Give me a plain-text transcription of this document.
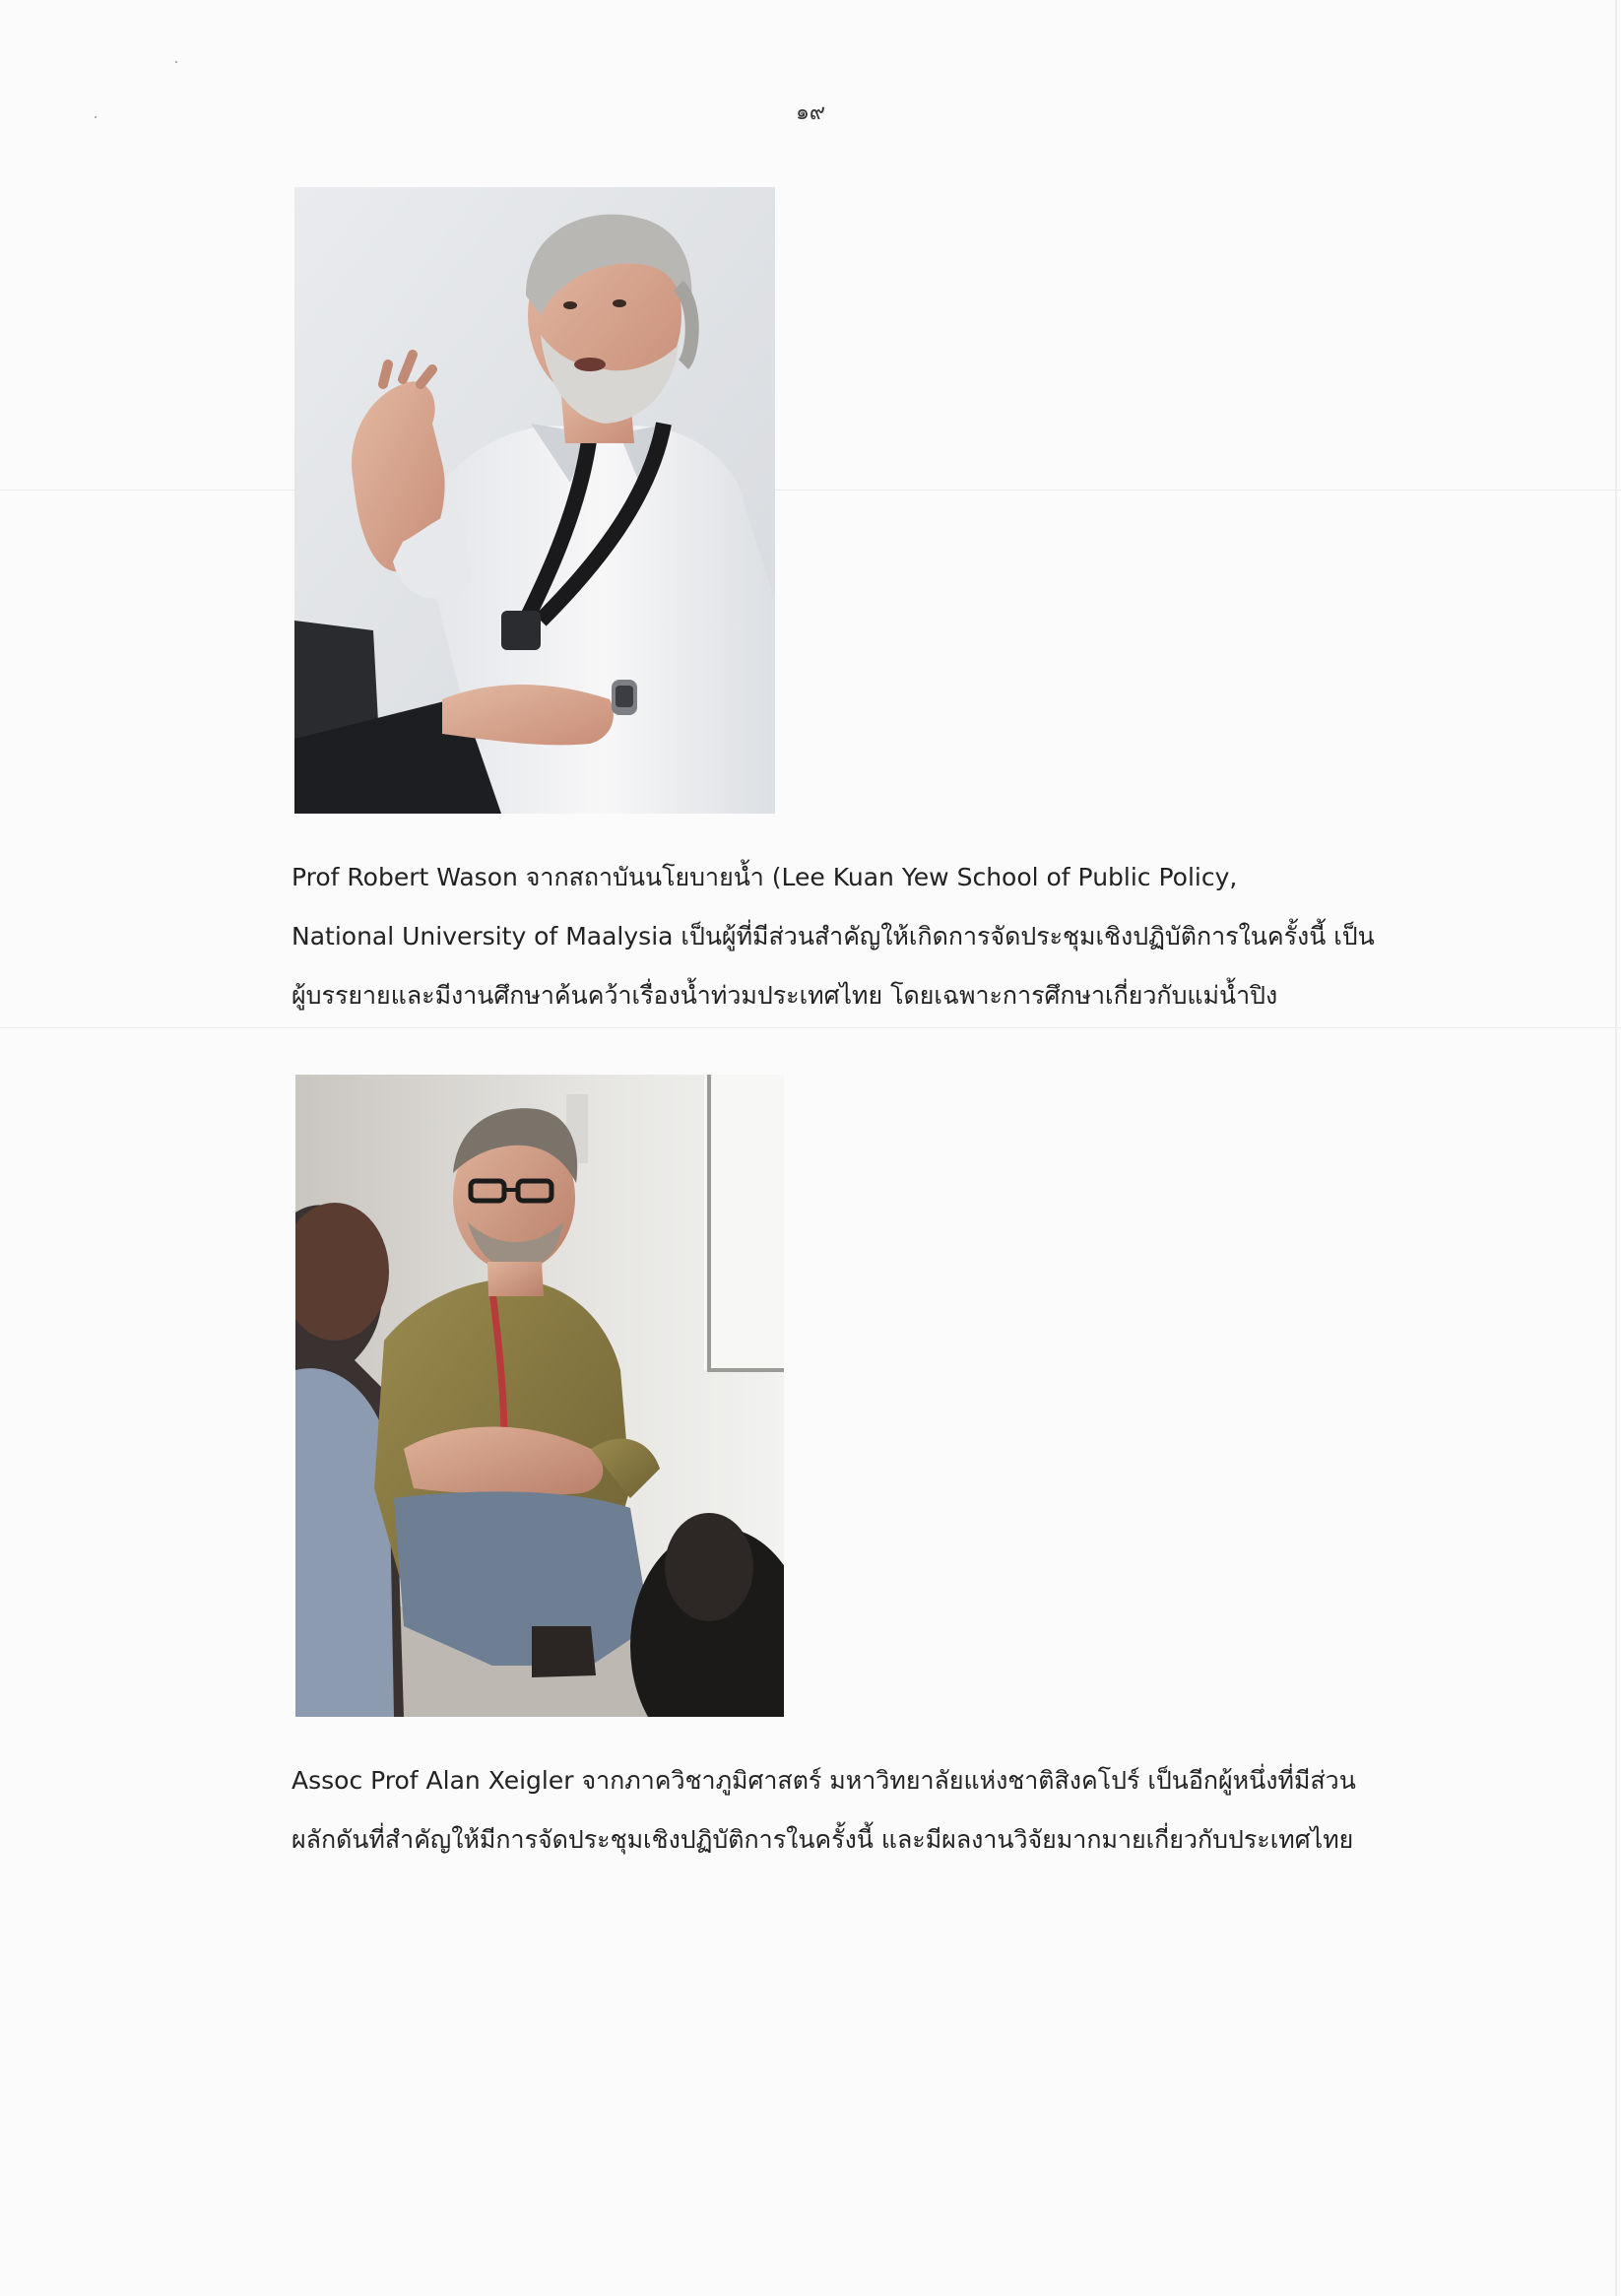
๑๙

Prof Robert Wason จากสถาบันนโยบายน้ำ (Lee Kuan Yew School of Public Policy,

National University of Maalysia เป็นผู้ที่มีส่วนสำคัญให้เกิดการจัดประชุมเชิงปฏิบัติการในครั้งนี้ เป็น

ผู้บรรยายและมีงานศึกษาค้นคว้าเรื่องน้ำท่วมประเทศไทย โดยเฉพาะการศึกษาเกี่ยวกับแม่น้ำปิง

Assoc Prof Alan Xeigler จากภาควิชาภูมิศาสตร์ มหาวิทยาลัยแห่งชาติสิงคโปร์ เป็นอีกผู้หนึ่งที่มีส่วน

ผลักดันที่สำคัญให้มีการจัดประชุมเชิงปฏิบัติการในครั้งนี้ และมีผลงานวิจัยมากมายเกี่ยวกับประเทศไทย
